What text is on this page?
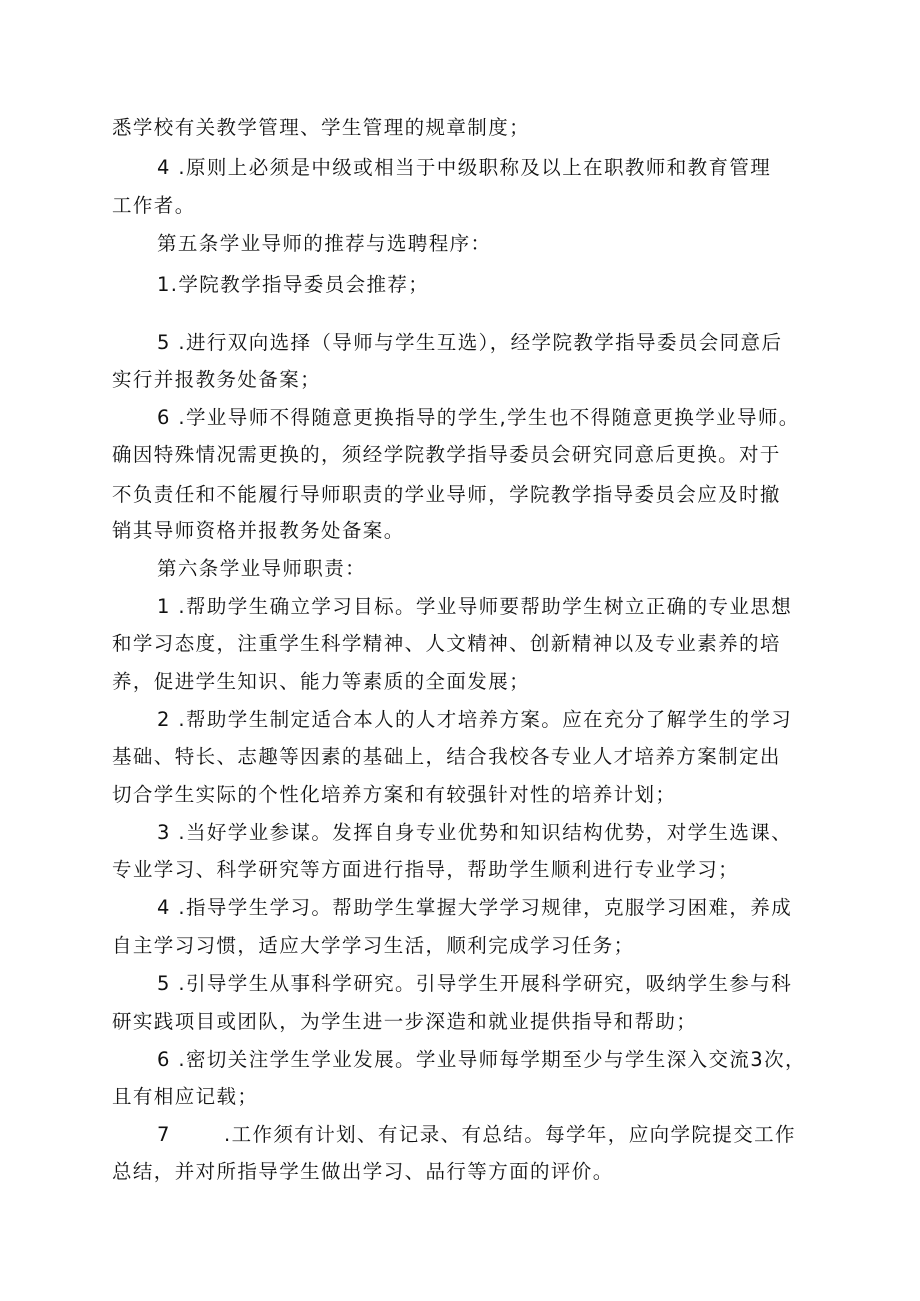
悉学校有关教学管理、学生管理的规章制度；
4 .原则上必须是中级或相当于中级职称及以上在职教师和教育管理
工作者。
第五条学业导师的推荐与选聘程序：
1.学院教学指导委员会推荐；
5 .进行双向选择（导师与学生互选），经学院教学指导委员会同意后
实行并报教务处备案；
6 .学业导师不得随意更换指导的学生,学生也不得随意更换学业导师。
确因特殊情况需更换的，须经学院教学指导委员会研究同意后更换。对于
不负责任和不能履行导师职责的学业导师，学院教学指导委员会应及时撤
销其导师资格并报教务处备案。
第六条学业导师职责：
1 .帮助学生确立学习目标。学业导师要帮助学生树立正确的专业思想
和学习态度，注重学生科学精神、人文精神、创新精神以及专业素养的培
养，促进学生知识、能力等素质的全面发展；
2 .帮助学生制定适合本人的人才培养方案。应在充分了解学生的学习
基础、特长、志趣等因素的基础上，结合我校各专业人才培养方案制定出
切合学生实际的个性化培养方案和有较强针对性的培养计划；
3 .当好学业参谋。发挥自身专业优势和知识结构优势，对学生选课、
专业学习、科学研究等方面进行指导，帮助学生顺利进行专业学习；
4 .指导学生学习。帮助学生掌握大学学习规律，克服学习困难，养成
自主学习习惯，适应大学学习生活，顺利完成学习任务；
5 .引导学生从事科学研究。引导学生开展科学研究，吸纳学生参与科
研实践项目或团队，为学生进一步深造和就业提供指导和帮助；
6 .密切关注学生学业发展。学业导师每学期至少与学生深入交流3次，
且有相应记载；
7	.工作须有计划、有记录、有总结。每学年，应向学院提交工作
总结，并对所指导学生做出学习、品行等方面的评价。
